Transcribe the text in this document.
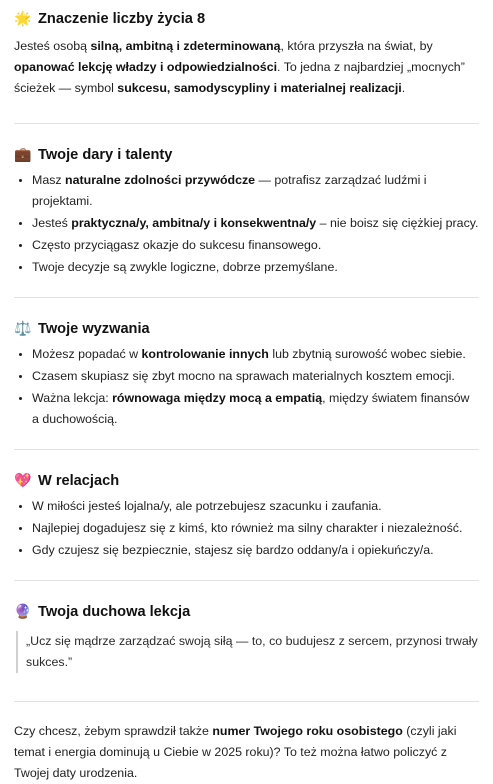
🌟 Znaczenie liczby życia 8

Jesteś osobą silną, ambitną i zdeterminowaną, która przyszła na świat, by opanować lekcję władzy i odpowiedzialności. To jedna z najbardziej „mocnych” ścieżek — symbol sukcesu, samodyscypliny i materialnej realizacji.

💼 Twoje dary i talenty
• Masz naturalne zdolności przywódcze — potrafisz zarządzać ludźmi i projektami.
• Jesteś praktyczna/y, ambitna/y i konsekwentna/y – nie boisz się ciężkiej pracy.
• Często przyciągasz okazje do sukcesu finansowego.
• Twoje decyzje są zwykle logiczne, dobrze przemyślane.
⚖️ Twoje wyzwania
• Możesz popadać w kontrolowanie innych lub zbytnią surowość wobec siebie.
• Czasem skupiasz się zbyt mocno na sprawach materialnych kosztem emocji.
• Ważna lekcja: równowaga między mocą a empatią, między światem finansów a duchowością.
💖 W relacjach
• W miłości jesteś lojalna/y, ale potrzebujesz szacunku i zaufania.
• Najlepiej dogadujesz się z kimś, kto również ma silny charakter i niezależność.
• Gdy czujesz się bezpiecznie, stajesz się bardzo oddany/a i opiekuńczy/a.
🔮 Twoja duchowa lekcja
„Ucz się mądrze zarządzać swoją siłą — to, co budujesz z sercem, przynosi trwały sukces.”

Czy chcesz, żebym sprawdził także numer Twojego roku osobistego (czyli jaki temat i energia dominują u Ciebie w 2025 roku)? To też można łatwo policzyć z Twojej daty urodzenia.
